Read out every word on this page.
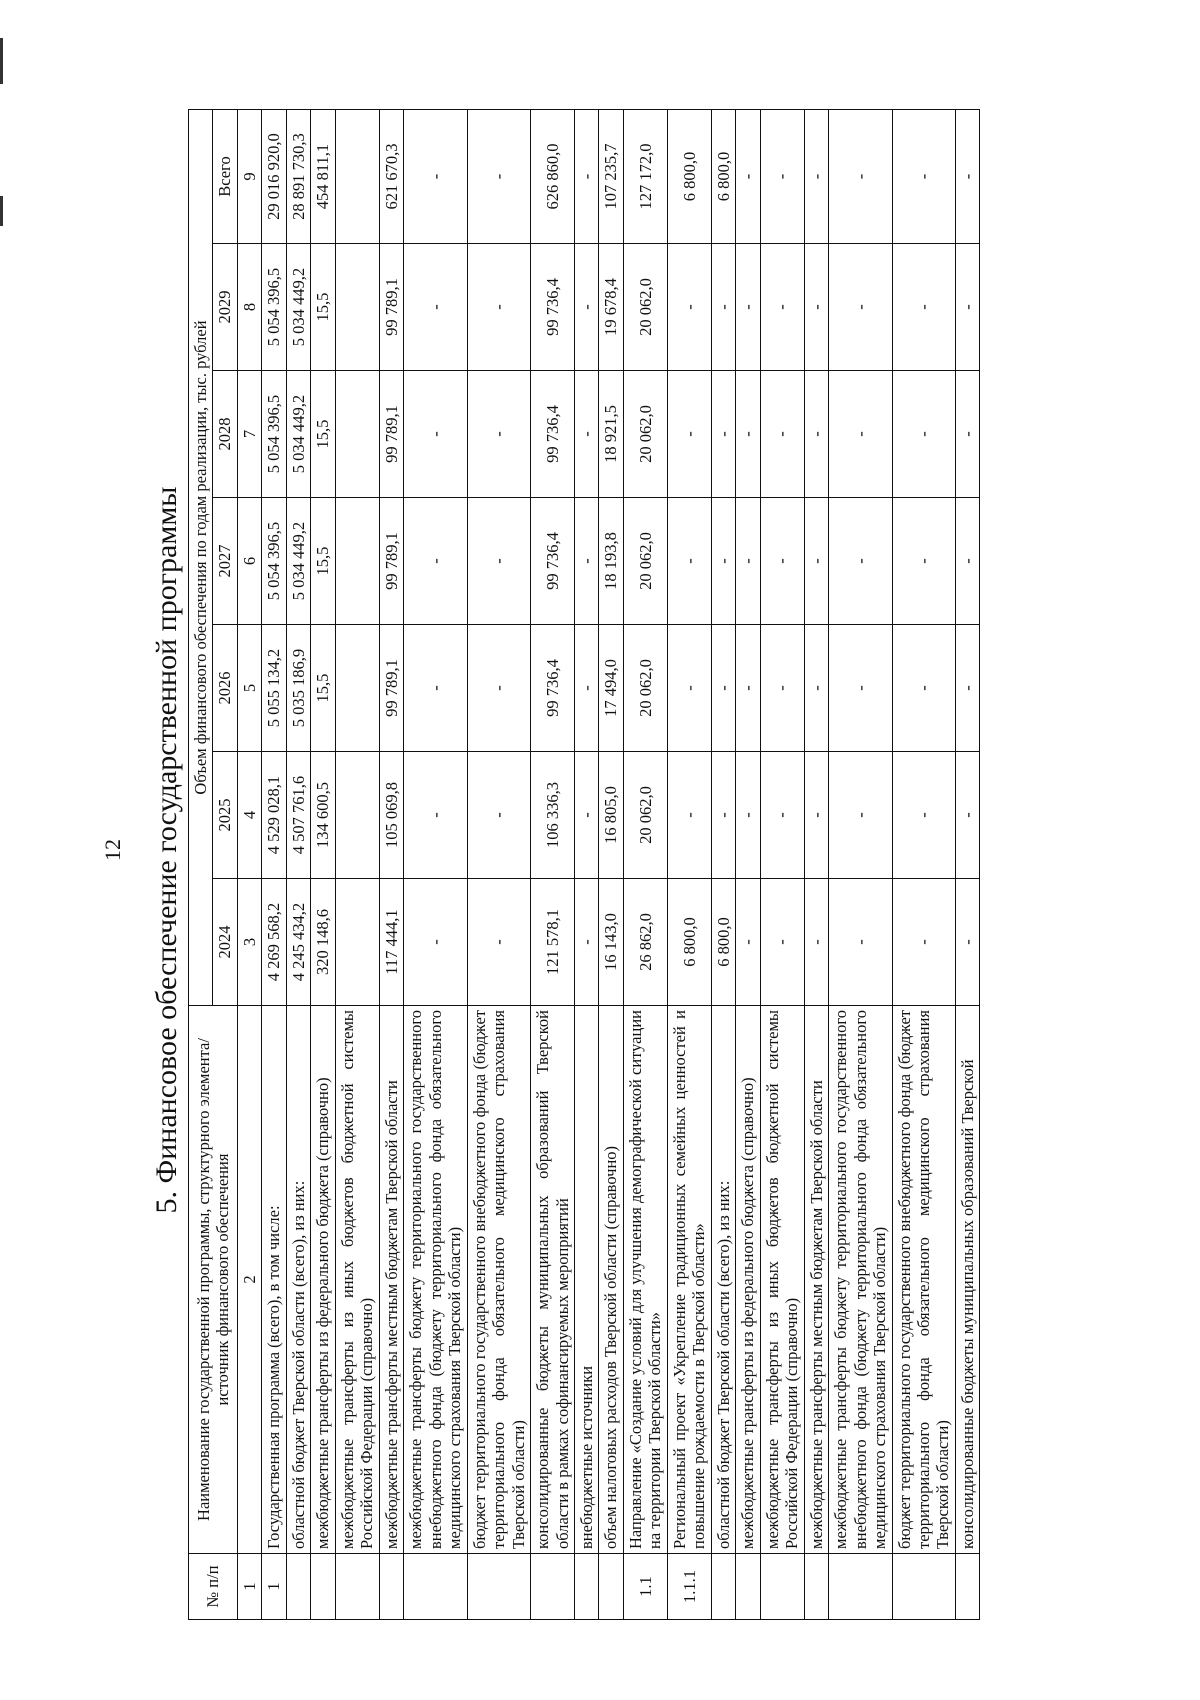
12 5. Финансовое обеспечение государственной программы
№ п/п	Наименование государственной программы, структурного элемента/источник финансового обеспечения	Объем финансового обеспечения по годам реализации, тыс. рублей						
		2024	2025	2026	2027	2028	2029	Всего
1	2	3	4	5	6	7	8	9
1	Государственная программа (всего), в том числе:	4 269 568,2	4 529 028,1	5 055 134,2	5 054 396,5	5 054 396,5	5 054 396,5	29 016 920,0
	областной бюджет Тверской области (всего), из них:	4 245 434,2	4 507 761,6	5 035 186,9	5 034 449,2	5 034 449,2	5 034 449,2	28 891 730,3
	межбюджетные трансферты из федерального бюджета (справочно)	320 148,6	134 600,5	15,5	15,5	15,5	15,5	454 811,1
	межбюджетные трансферты из иных бюджетов бюджетной системы Российской Федерации (справочно)							
	межбюджетные трансферты местным бюджетам Тверской области	117 444,1	105 069,8	99 789,1	99 789,1	99 789,1	99 789,1	621 670,3
	межбюджетные трансферты бюджету территориального государственного внебюджетного фонда (бюджету территориального фонда обязательного медицинского страхования Тверской области)	-	-	-	-	-	-	-
	бюджет территориального государственного внебюджетного фонда (бюджет территориального фонда обязательного медицинского страхования Тверской области)	-	-	-	-	-	-	-
	консолидированные бюджеты муниципальных образований Тверской области в рамках софинансируемых мероприятий	121 578,1	106 336,3	99 736,4	99 736,4	99 736,4	99 736,4	626 860,0
	внебюджетные источники	-	-	-	-	-	-	-
	объем налоговых расходов Тверской области (справочно)	16 143,0	16 805,0	17 494,0	18 193,8	18 921,5	19 678,4	107 235,7
1.1	Направление «Создание условий для улучшения демографической ситуации на территории Тверской области»	26 862,0	20 062,0	20 062,0	20 062,0	20 062,0	20 062,0	127 172,0
1.1.1	Региональный проект «Укрепление традиционных семейных ценностей и повышение рождаемости в Тверской области»	6 800,0	-	-	-	-	-	6 800,0
	областной бюджет Тверской области (всего), из них:	6 800,0	-	-	-	-	-	6 800,0
	межбюджетные трансферты из федерального бюджета (справочно)	-	-	-	-	-	-	-
	межбюджетные трансферты из иных бюджетов бюджетной системы Российской Федерации (справочно)	-	-	-	-	-	-	-
	межбюджетные трансферты местным бюджетам Тверской области	-	-	-	-	-	-	-
	межбюджетные трансферты бюджету территориального государственного внебюджетного фонда (бюджету территориального фонда обязательного медицинского страхования Тверской области)	-	-	-	-	-	-	-
	бюджет территориального государственного внебюджетного фонда (бюджет территориального фонда обязательного медицинского страхования Тверской области)	-	-	-	-	-	-	-
	консолидированные бюджеты муниципальных образований Тверской	-	-	-	-	-	-	-
